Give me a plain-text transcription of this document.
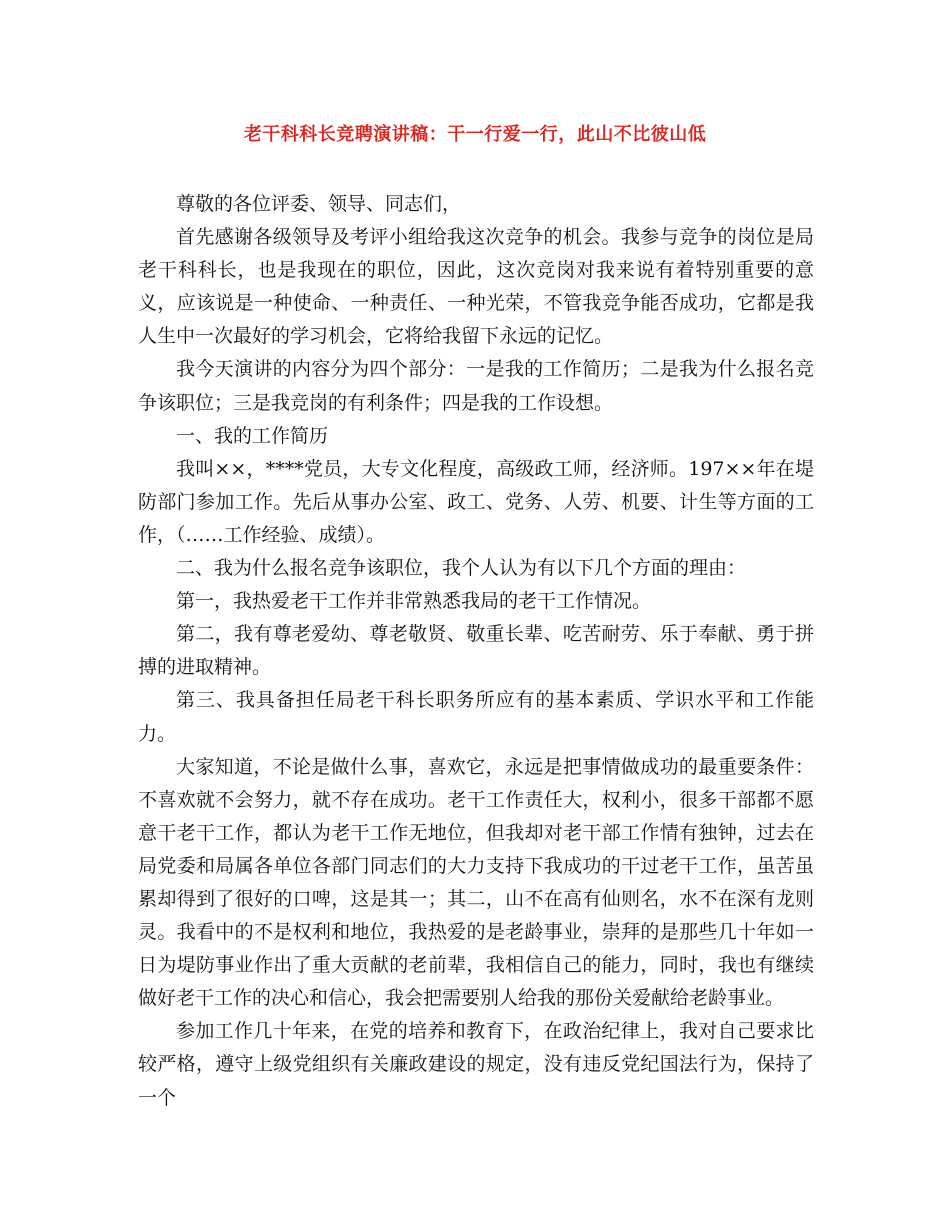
老干科科长竞聘演讲稿：干一行爱一行，此山不比彼山低

尊敬的各位评委、领导、同志们，

首先感谢各级领导及考评小组给我这次竞争的机会。我参与竞争的岗位是局老干科科长，也是我现在的职位，因此，这次竞岗对我来说有着特别重要的意义，应该说是一种使命、一种责任、一种光荣，不管我竞争能否成功，它都是我人生中一次最好的学习机会，它将给我留下永远的记忆。

我今天演讲的内容分为四个部分：一是我的工作简历；二是我为什么报名竞争该职位；三是我竞岗的有利条件；四是我的工作设想。

一、我的工作简历

我叫××，****党员，大专文化程度，高级政工师，经济师。197××年在堤防部门参加工作。先后从事办公室、政工、党务、人劳、机要、计生等方面的工作，（……工作经验、成绩）。

二、我为什么报名竞争该职位，我个人认为有以下几个方面的理由：

第一，我热爱老干工作并非常熟悉我局的老干工作情况。

第二，我有尊老爱幼、尊老敬贤、敬重长辈、吃苦耐劳、乐于奉献、勇于拼搏的进取精神。

第三、我具备担任局老干科长职务所应有的基本素质、学识水平和工作能力。

大家知道，不论是做什么事，喜欢它，永远是把事情做成功的最重要条件：不喜欢就不会努力，就不存在成功。老干工作责任大，权利小，很多干部都不愿意干老干工作，都认为老干工作无地位，但我却对老干部工作情有独钟，过去在局党委和局属各单位各部门同志们的大力支持下我成功的干过老干工作，虽苦虽累却得到了很好的口啤，这是其一；其二，山不在高有仙则名，水不在深有龙则灵。我看中的不是权利和地位，我热爱的是老龄事业，崇拜的是那些几十年如一日为堤防事业作出了重大贡献的老前辈，我相信自己的能力，同时，我也有继续做好老干工作的决心和信心，我会把需要别人给我的那份关爱献给老龄事业。

参加工作几十年来，在党的培养和教育下，在政治纪律上，我对自己要求比较严格，遵守上级党组织有关廉政建设的规定，没有违反党纪国法行为，保持了一个
